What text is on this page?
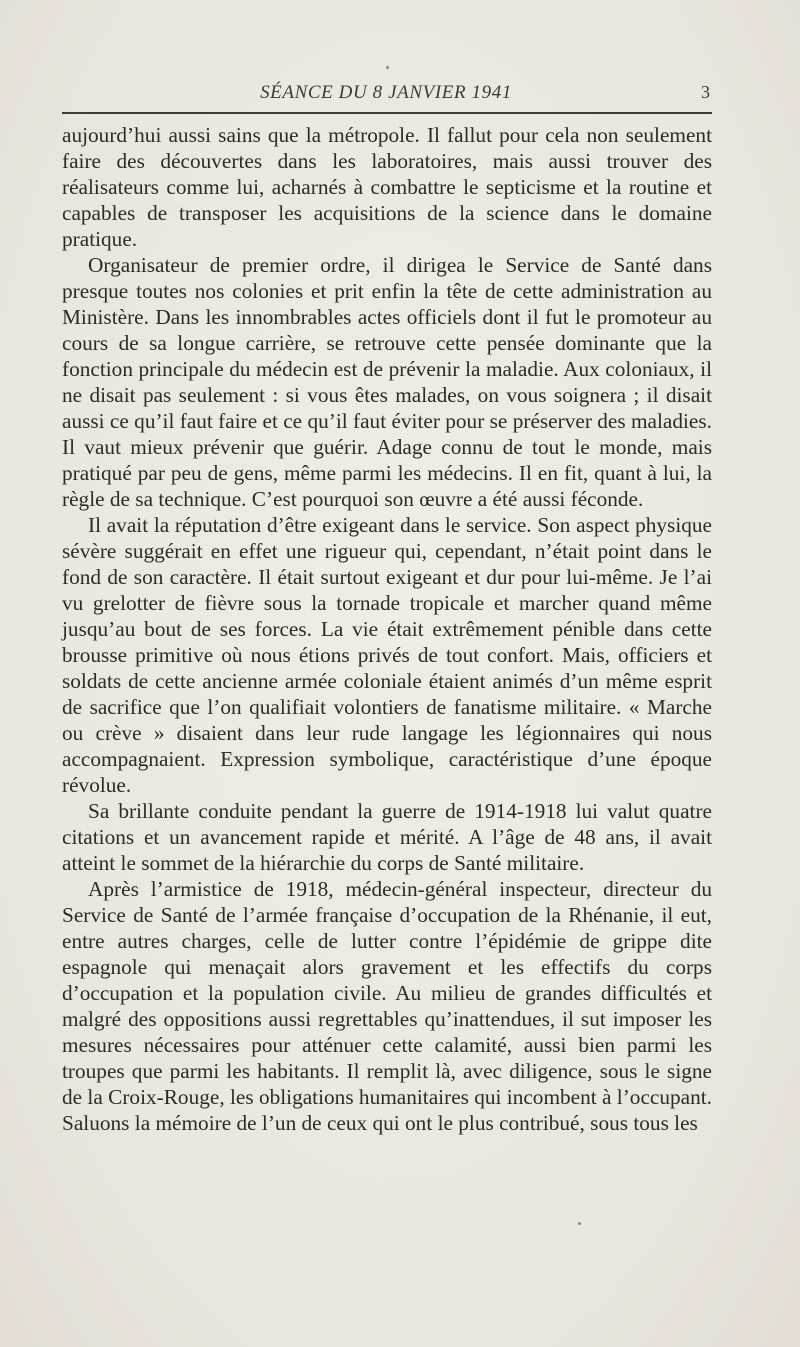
SÉANCE DU 8 JANVIER 1941	3

aujourd’hui aussi sains que la métropole. Il fallut pour cela non seulement faire des découvertes dans les laboratoires, mais aussi trouver des réalisateurs comme lui, acharnés à combattre le septicisme et la routine et capables de transposer les acquisitions de la science dans le domaine pratique.

Organisateur de premier ordre, il dirigea le Service de Santé dans presque toutes nos colonies et prit enfin la tête de cette administration au Ministère. Dans les innombrables actes officiels dont il fut le promoteur au cours de sa longue carrière, se retrouve cette pensée dominante que la fonction principale du médecin est de prévenir la maladie. Aux coloniaux, il ne disait pas seulement : si vous êtes malades, on vous soignera ; il disait aussi ce qu’il faut faire et ce qu’il faut éviter pour se préserver des maladies. Il vaut mieux prévenir que guérir. Adage connu de tout le monde, mais pratiqué par peu de gens, même parmi les médecins. Il en fit, quant à lui, la règle de sa technique. C’est pourquoi son œuvre a été aussi féconde.

Il avait la réputation d’être exigeant dans le service. Son aspect physique sévère suggérait en effet une rigueur qui, cependant, n’était point dans le fond de son caractère. Il était surtout exigeant et dur pour lui-même. Je l’ai vu grelotter de fièvre sous la tornade tropicale et marcher quand même jusqu’au bout de ses forces. La vie était extrêmement pénible dans cette brousse primitive où nous étions privés de tout confort. Mais, officiers et soldats de cette ancienne armée coloniale étaient animés d’un même esprit de sacrifice que l’on qualifiait volontiers de fanatisme militaire. « Marche ou crève » disaient dans leur rude langage les légionnaires qui nous accompagnaient. Expression symbolique, caractéristique d’une époque révolue.

Sa brillante conduite pendant la guerre de 1914-1918 lui valut quatre citations et un avancement rapide et mérité. A l’âge de 48 ans, il avait atteint le sommet de la hiérarchie du corps de Santé militaire.

Après l’armistice de 1918, médecin-général inspecteur, directeur du Service de Santé de l’armée française d’occupation de la Rhénanie, il eut, entre autres charges, celle de lutter contre l’épidémie de grippe dite espagnole qui menaçait alors gravement et les effectifs du corps d’occupation et la population civile. Au milieu de grandes difficultés et malgré des oppositions aussi regrettables qu’inattendues, il sut imposer les mesures nécessaires pour atténuer cette calamité, aussi bien parmi les troupes que parmi les habitants. Il remplit là, avec diligence, sous le signe de la Croix-Rouge, les obligations humanitaires qui incombent à l’occupant. Saluons la mémoire de l’un de ceux qui ont le plus contribué, sous tous les
